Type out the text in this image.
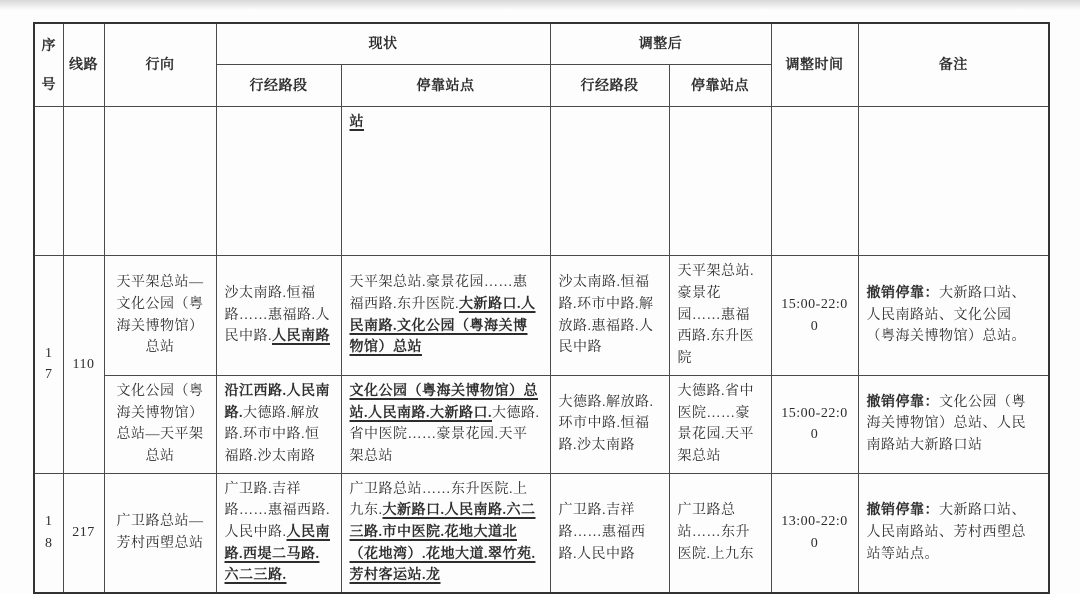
序号	线路	行向	现状		调整后		调整时间	备注
			行经路段	停靠站点	行经路段	停靠站点		
				站				
17	110	天平架总站—文化公园（粤海关博物馆）总站	沙太南路.恒福路……惠福路.人民中路.人民南路	天平架总站.豪景花园……惠福西路.东升医院.大新路口.人民南路.文化公园（粤海关博物馆）总站	沙太南路.恒福路.环市中路.解放路.惠福路.人民中路	天平架总站.豪景花园……惠福西路.东升医院	15:00-22:00	撤销停靠：大新路口站、人民南路站、文化公园（粤海关博物馆）总站。
		文化公园（粤海关博物馆）总站—天平架总站	沿江西路.人民南路.大德路.解放路.环市中路.恒福路.沙太南路	文化公园（粤海关博物馆）总站.人民南路.大新路口.大德路.省中医院……豪景花园.天平架总站	大德路.解放路.环市中路.恒福路.沙太南路	大德路.省中医院……豪景花园.天平架总站	15:00-22:00	撤销停靠：文化公园（粤海关博物馆）总站、人民南路站大新路口站
18	217	广卫路总站—芳村西塱总站	广卫路.吉祥路……惠福西路.人民中路.人民南路.西堤二马路.六二三路.	广卫路总站……东升医院.上九东.大新路口.人民南路.六二三路.市中医院.花地大道北（花地湾）.花地大道.翠竹苑.芳村客运站.龙	广卫路.吉祥路……惠福西路.人民中路	广卫路总站……东升医院.上九东	13:00-22:00	撤销停靠：大新路口站、人民南路站、芳村西塱总站等站点。
